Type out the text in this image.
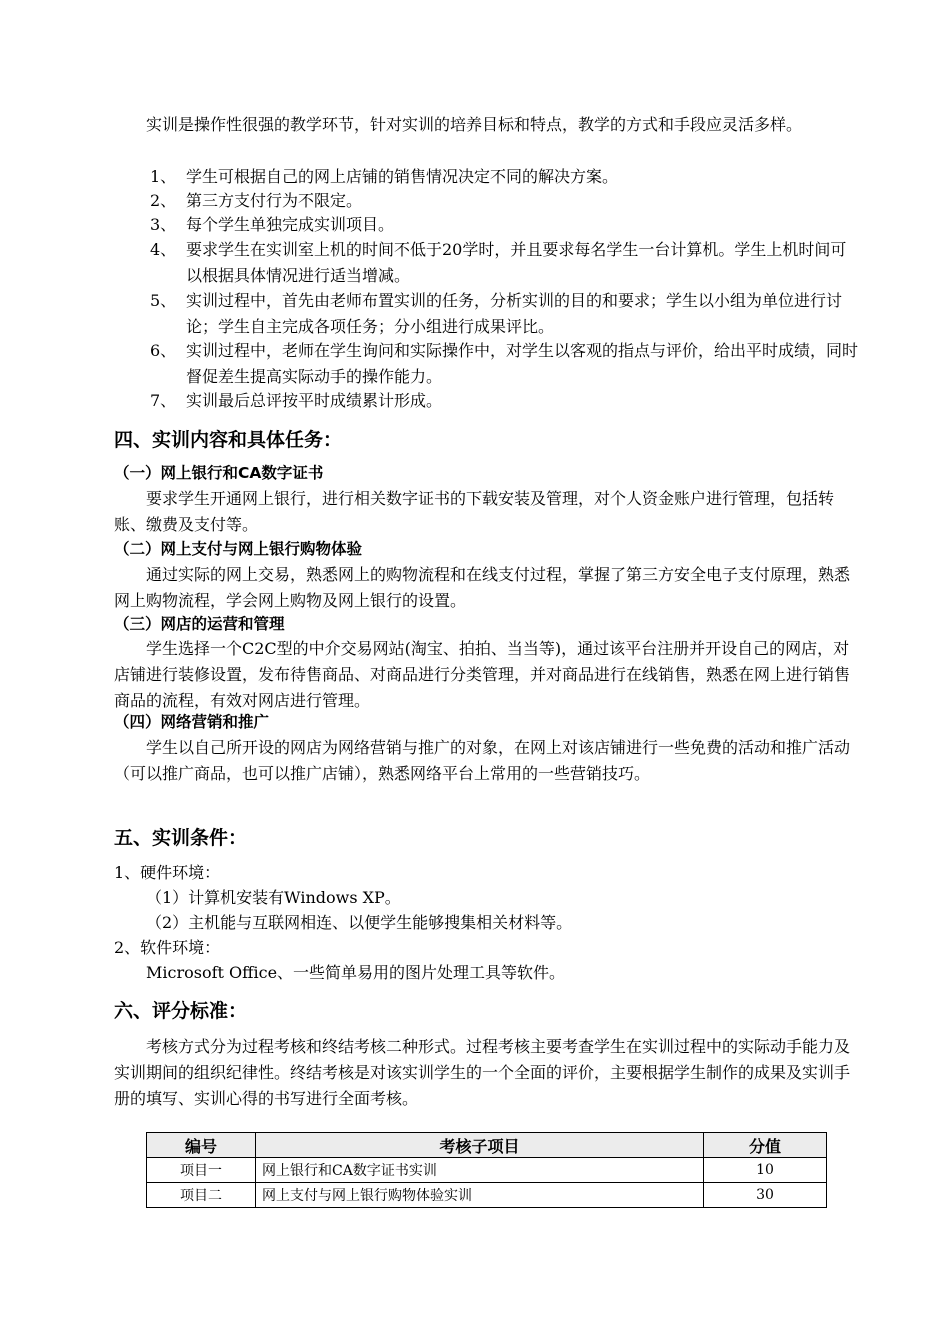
实训是操作性很强的教学环节，针对实训的培养目标和特点，教学的方式和手段应灵活多样。

1、 学生可根据自己的网上店铺的销售情况决定不同的解决方案。
2、 第三方支付行为不限定。
3、 每个学生单独完成实训项目。
4、 要求学生在实训室上机的时间不低于20学时，并且要求每名学生一台计算机。学生上机时间可以根据具体情况进行适当增减。
5、 实训过程中，首先由老师布置实训的任务，分析实训的目的和要求；学生以小组为单位进行讨论；学生自主完成各项任务；分小组进行成果评比。
6、 实训过程中，老师在学生询问和实际操作中，对学生以客观的指点与评价，给出平时成绩，同时督促差生提高实际动手的操作能力。
7、 实训最后总评按平时成绩累计形成。
四、实训内容和具体任务：
（一）网上银行和CA数字证书

要求学生开通网上银行，进行相关数字证书的下载安装及管理，对个人资金账户进行管理，包括转账、缴费及支付等。

（二）网上支付与网上银行购物体验

通过实际的网上交易，熟悉网上的购物流程和在线支付过程，掌握了第三方安全电子支付原理，熟悉网上购物流程，学会网上购物及网上银行的设置。

（三）网店的运营和管理

学生选择一个C2C型的中介交易网站(淘宝、拍拍、当当等)，通过该平台注册并开设自己的网店，对店铺进行装修设置，发布待售商品、对商品进行分类管理，并对商品进行在线销售，熟悉在网上进行销售商品的流程，有效对网店进行管理。

（四）网络营销和推广

学生以自己所开设的网店为网络营销与推广的对象，在网上对该店铺进行一些免费的活动和推广活动（可以推广商品，也可以推广店铺），熟悉网络平台上常用的一些营销技巧。

五、实训条件：
1、硬件环境：
（1）计算机安装有Windows XP。
（2）主机能与互联网相连、以便学生能够搜集相关材料等。
2、软件环境：
Microsoft Office、一些简单易用的图片处理工具等软件。
六、评分标准：

考核方式分为过程考核和终结考核二种形式。过程考核主要考查学生在实训过程中的实际动手能力及实训期间的组织纪律性。终结考核是对该实训学生的一个全面的评价，主要根据学生制作的成果及实训手册的填写、实训心得的书写进行全面考核。

编号	考核子项目	分值
项目一	网上银行和CA数字证书实训	10
项目二	网上支付与网上银行购物体验实训	30
